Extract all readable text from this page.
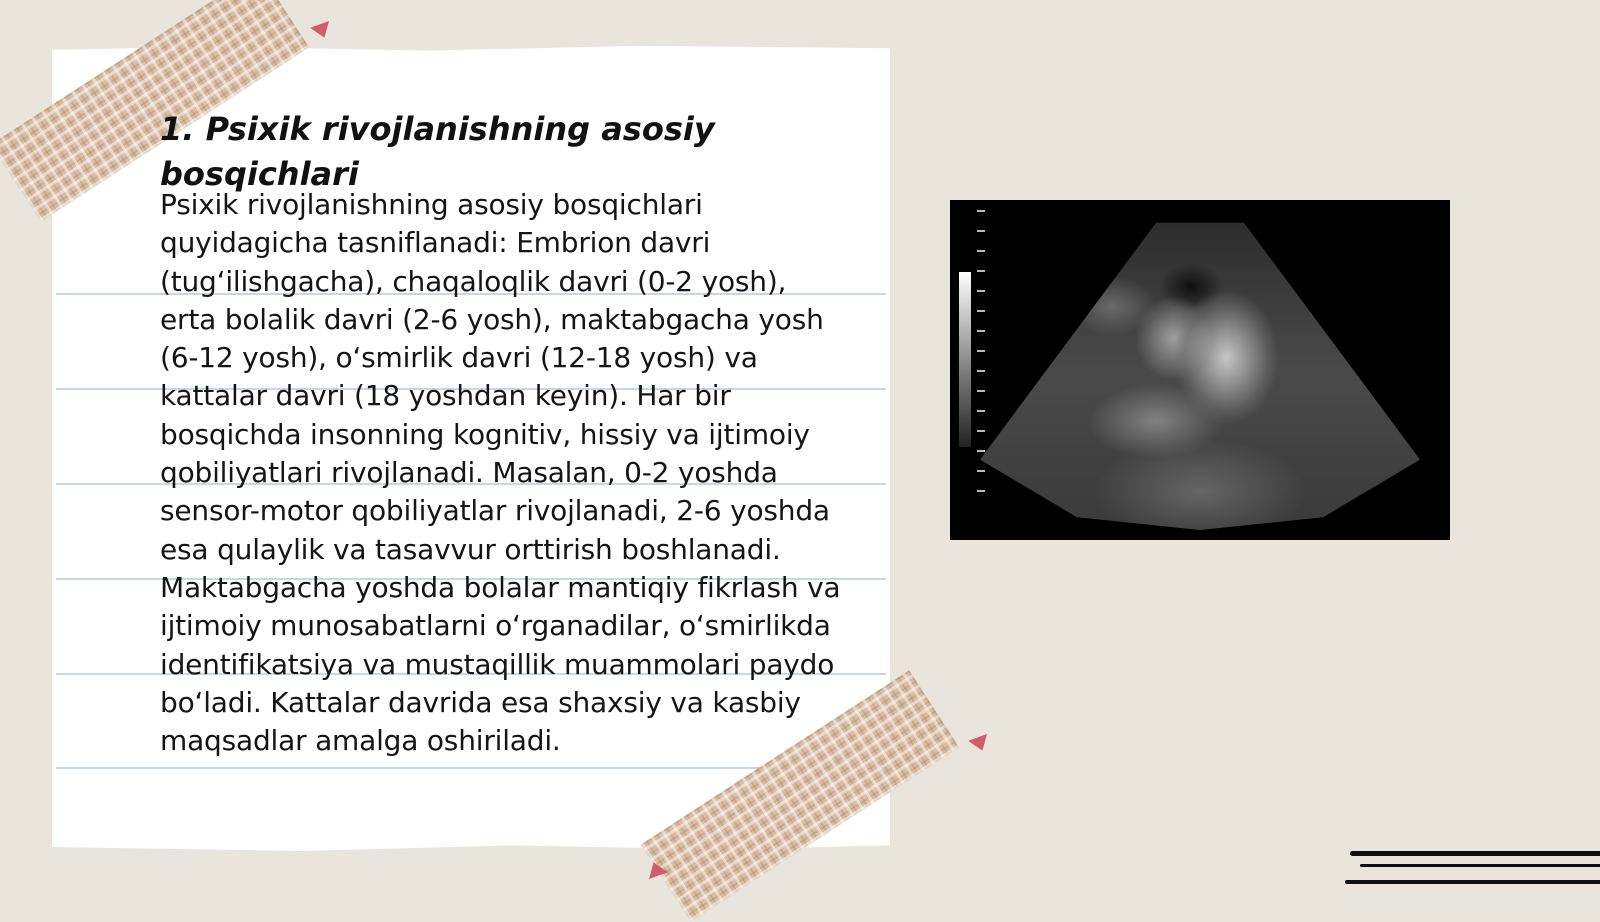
1. Psixik rivojlanishning asosiy bosqichlari

Psixik rivojlanishning asosiy bosqichlari quyidagicha tasniflanadi: Embrion davri (tugʻilishgacha), chaqaloqlik davri (0-2 yosh), erta bolalik davri (2-6 yosh), maktabgacha yosh (6-12 yosh), oʻsmirlik davri (12-18 yosh) va kattalar davri (18 yoshdan keyin). Har bir bosqichda insonning kognitiv, hissiy va ijtimoiy qobiliyatlari rivojlanadi. Masalan, 0-2 yoshda sensor-motor qobiliyatlar rivojlanadi, 2-6 yoshda esa qulaylik va tasavvur orttirish boshlanadi. Maktabgacha yoshda bolalar mantiqiy fikrlash va ijtimoiy munosabatlarni oʻrganadilar, oʻsmirlikda identifikatsiya va mustaqillik muammolari paydo boʻladi. Kattalar davrida esa shaxsiy va kasbiy maqsadlar amalga oshiriladi.
